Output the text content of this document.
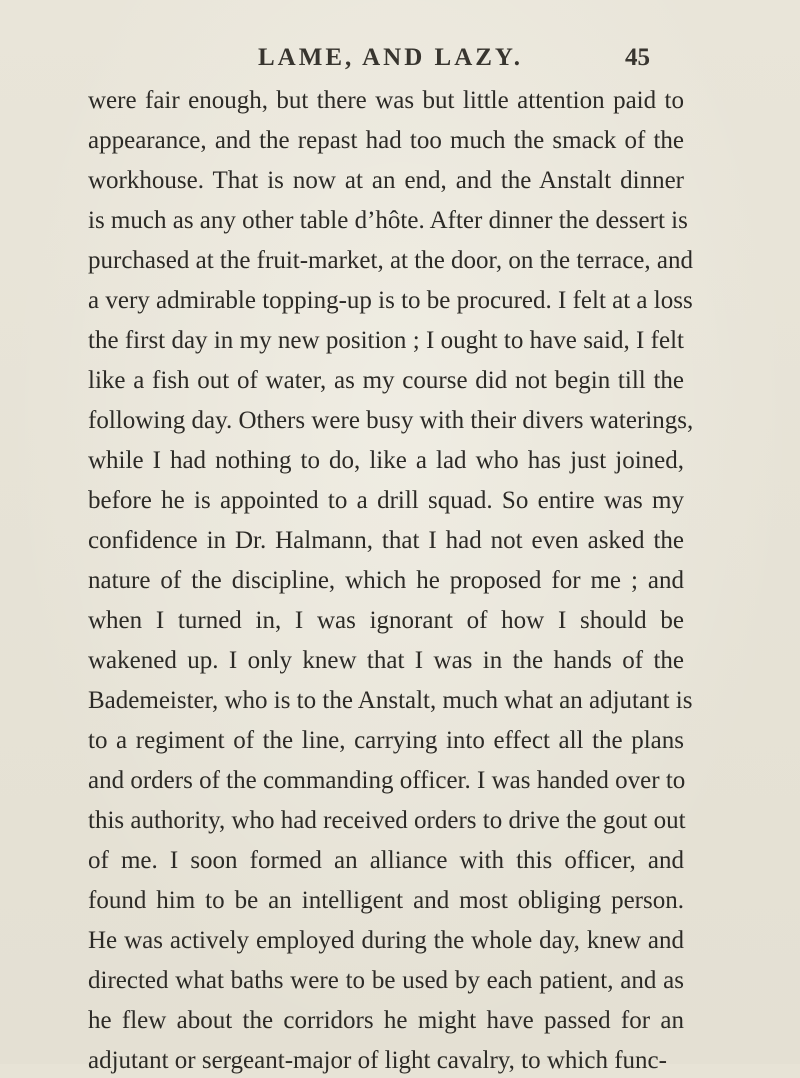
LAME, AND LAZY.	45
were fair enough, but there was but little attention paid to
appearance, and the repast had too much the smack of the
workhouse. That is now at an end, and the Anstalt dinner
is much as any other table d’hôte. After dinner the dessert is
purchased at the fruit-market, at the door, on the terrace, and
a very admirable topping-up is to be procured. I felt at a loss
the first day in my new position ; I ought to have said, I felt
like a fish out of water, as my course did not begin till the
following day. Others were busy with their divers waterings,
while I had nothing to do, like a lad who has just joined,
before he is appointed to a drill squad. So entire was my
confidence in Dr. Halmann, that I had not even asked the
nature of the discipline, which he proposed for me ; and
when I turned in, I was ignorant of how I should be
wakened up. I only knew that I was in the hands of the
Bademeister, who is to the Anstalt, much what an adjutant is
to a regiment of the line, carrying into effect all the plans
and orders of the commanding officer. I was handed over to
this authority, who had received orders to drive the gout out
of me. I soon formed an alliance with this officer, and
found him to be an intelligent and most obliging person.
He was actively employed during the whole day, knew and
directed what baths were to be used by each patient, and as
he flew about the corridors he might have passed for an
adjutant or sergeant-major of light cavalry, to which func-
